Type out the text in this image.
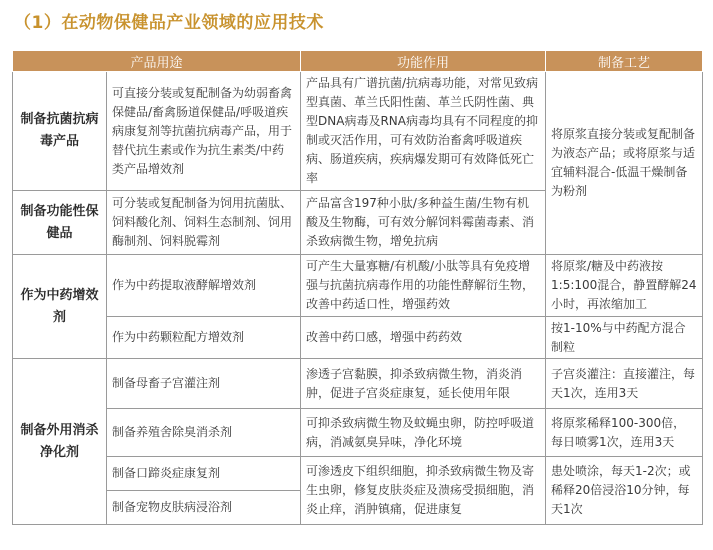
（1）在动物保健品产业领域的应用技术
产品用途		功能作用	制备工艺
制备抗菌抗病毒产品	可直接分装或复配制备为幼弱畜禽保健品/畜禽肠道保健品/呼吸道疾病康复剂等抗菌抗病毒产品，用于替代抗生素或作为抗生素类/中药类产品增效剂	产品具有广谱抗菌/抗病毒功能，对常见致病型真菌、革兰氏阳性菌、革兰氏阴性菌、典型DNA病毒及RNA病毒均具有不同程度的抑制或灭活作用，可有效防治畜禽呼吸道疾病、肠道疾病，疾病爆发期可有效降低死亡率	将原浆直接分装或复配制备为液态产品；或将原浆与适宜辅料混合-低温干燥制备为粉剂
制备功能性保健品	可分装或复配制备为饲用抗菌肽、饲料酸化剂、饲料生态制剂、饲用酶制剂、饲料脱霉剂	产品富含197种小肽/多种益生菌/生物有机酸及生物酶，可有效分解饲料霉菌毒素、消杀致病微生物，增免抗病	
作为中药增效剂	作为中药提取液酵解增效剂	可产生大量寡糖/有机酸/小肽等具有免疫增强与抗菌抗病毒作用的功能性酵解衍生物，改善中药适口性，增强药效	将原浆/糖及中药液按1:5:100混合，静置酵解24小时，再浓缩加工
	作为中药颗粒配方增效剂	改善中药口感，增强中药药效	按1-10%与中药配方混合制粒
制备外用消杀净化剂	制备母畜子宫灌注剂	渗透子宫黏膜，抑杀致病微生物，消炎消肿，促进子宫炎症康复，延长使用年限	子宫炎灌注：直接灌注，每天1次，连用3天
	制备养殖舍除臭消杀剂	可抑杀致病微生物及蚊蝇虫卵，防控呼吸道病，消减氨臭异味，净化环境	将原浆稀释100-300倍，每日喷雾1次，连用3天
	制备口蹄炎症康复剂	可渗透皮下组织细胞，抑杀致病微生物及寄生虫卵，修复皮肤炎症及溃疡受损细胞，消炎止痒，消肿镇痛，促进康复	患处喷涂，每天1-2次；或稀释20倍浸浴10分钟，每天1次
	制备宠物皮肤病浸浴剂		
